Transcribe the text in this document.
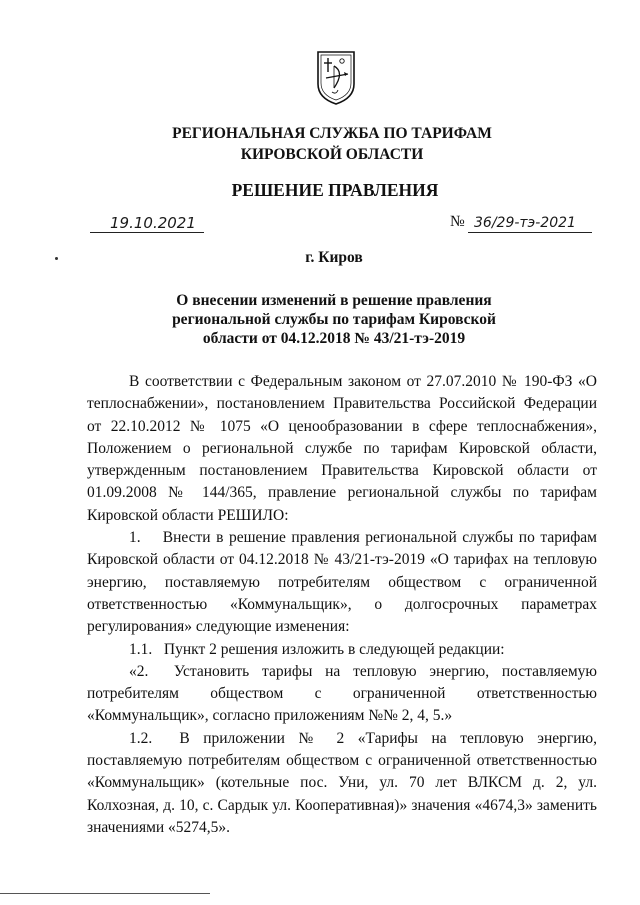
РЕГИОНАЛЬНАЯ СЛУЖБА ПО ТАРИФАМ
КИРОВСКОЙ ОБЛАСТИ
РЕШЕНИЕ ПРАВЛЕНИЯ
19.10.2021	№ 36/29-тэ-2021
г. Киров
О внесении изменений в решение правления
региональной службы по тарифам Кировской
области от 04.12.2018 № 43/21-тэ-2019

В соответствии с Федеральным законом от 27.07.2010 № 190-ФЗ «О теплоснабжении», постановлением Правительства Российской Федерации от 22.10.2012 № 1075 «О ценообразовании в сфере теплоснабжения», Положением о региональной службе по тарифам Кировской области, утвержденным постановлением Правительства Кировской области от 01.09.2008 № 144/365, правление региональной службы по тарифам Кировской области РЕШИЛО:

1.    Внести в решение правления региональной службы по тарифам Кировской области от 04.12.2018 № 43/21-тэ-2019 «О тарифах на тепловую энергию, поставляемую потребителям обществом с ограниченной ответственностью «Коммунальщик», о долгосрочных параметрах регулирования» следующие изменения:

1.1.   Пункт 2 решения изложить в следующей редакции:

«2.  Установить тарифы на тепловую энергию, поставляемую потребителям обществом с ограниченной ответственностью «Коммунальщик», согласно приложениям №№ 2, 4, 5.»

1.2.  В приложении № 2 «Тарифы на тепловую энергию, поставляемую потребителям обществом с ограниченной ответственностью «Коммунальщик» (котельные пос. Уни, ул. 70 лет ВЛКСМ д. 2, ул. Колхозная, д. 10, с. Сардык ул. Кооперативная)» значения «4674,3» заменить значениями «5274,5».
